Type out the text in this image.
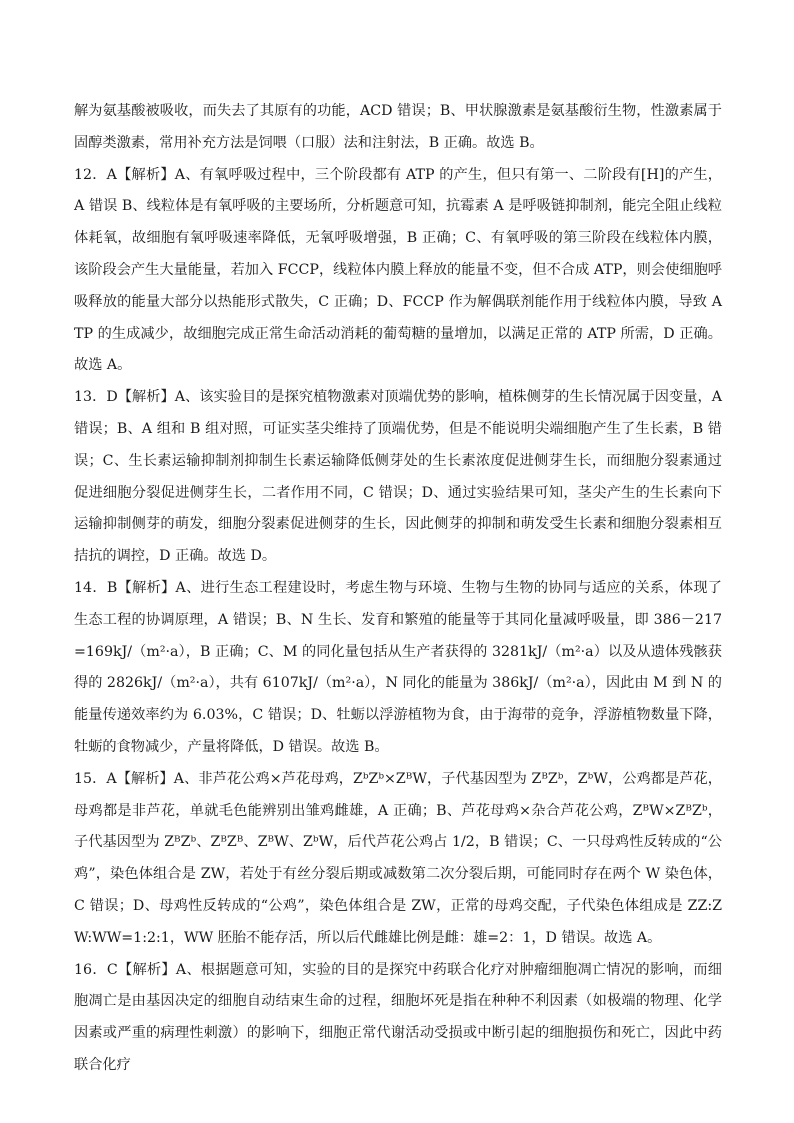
解为氨基酸被吸收，而失去了其原有的功能，ACD 错误；B、甲状腺激素是氨基酸衍生物，性激素属于固醇类激素，常用补充方法是饲喂（口服）法和注射法，B 正确。故选 B。

12．A【解析】A、有氧呼吸过程中，三个阶段都有 ATP 的产生，但只有第一、二阶段有[H]的产生，A 错误 B、线粒体是有氧呼吸的主要场所，分析题意可知，抗霉素 A 是呼吸链抑制剂，能完全阻止线粒体耗氧，故细胞有氧呼吸速率降低，无氧呼吸增强，B 正确；C、有氧呼吸的第三阶段在线粒体内膜，该阶段会产生大量能量，若加入 FCCP，线粒体内膜上释放的能量不变，但不合成 ATP，则会使细胞呼吸释放的能量大部分以热能形式散失，C 正确；D、FCCP 作为解偶联剂能作用于线粒体内膜，导致 ATP 的生成减少，故细胞完成正常生命活动消耗的葡萄糖的量增加，以满足正常的 ATP 所需，D 正确。故选 A。

13．D【解析】A、该实验目的是探究植物激素对顶端优势的影响，植株侧芽的生长情况属于因变量，A 错误；B、A 组和 B 组对照，可证实茎尖维持了顶端优势，但是不能说明尖端细胞产生了生长素，B 错误；C、生长素运输抑制剂抑制生长素运输降低侧芽处的生长素浓度促进侧芽生长，而细胞分裂素通过促进细胞分裂促进侧芽生长，二者作用不同，C 错误；D、通过实验结果可知，茎尖产生的生长素向下运输抑制侧芽的萌发，细胞分裂素促进侧芽的生长，因此侧芽的抑制和萌发受生长素和细胞分裂素相互拮抗的调控，D 正确。故选 D。

14．B【解析】A、进行生态工程建设时，考虑生物与环境、生物与生物的协同与适应的关系，体现了生态工程的协调原理，A 错误；B、N 生长、发育和繁殖的能量等于其同化量减呼吸量，即 386－217=169kJ/（m²·a），B 正确；C、M 的同化量包括从生产者获得的 3281kJ/（m²·a）以及从遗体残骸获得的 2826kJ/（m²·a），共有 6107kJ/（m²·a），N 同化的能量为 386kJ/（m²·a），因此由 M 到 N 的能量传递效率约为 6.03%，C 错误；D、牡蛎以浮游植物为食，由于海带的竞争，浮游植物数量下降，牡蛎的食物减少，产量将降低，D 错误。故选 B。

15．A【解析】A、非芦花公鸡×芦花母鸡，ZᵇZᵇ×ZᴮW，子代基因型为 ZᴮZᵇ，ZᵇW，公鸡都是芦花，母鸡都是非芦花，单就毛色能辨别出雏鸡雌雄，A 正确；B、芦花母鸡×杂合芦花公鸡，ZᴮW×ZᴮZᵇ，子代基因型为 ZᴮZᵇ、ZᴮZᴮ、ZᴮW、ZᵇW，后代芦花公鸡占 1/2，B 错误；C、一只母鸡性反转成的“公鸡”，染色体组合是 ZW，若处于有丝分裂后期或减数第二次分裂后期，可能同时存在两个 W 染色体，C 错误；D、母鸡性反转成的“公鸡”，染色体组合是 ZW，正常的母鸡交配，子代染色体组成是 ZZ:ZW:WW=1:2:1，WW 胚胎不能存活，所以后代雌雄比例是雌：雄=2：1，D 错误。故选 A。

16．C【解析】A、根据题意可知，实验的目的是探究中药联合化疗对肿瘤细胞凋亡情况的影响，而细胞凋亡是由基因决定的细胞自动结束生命的过程，细胞坏死是指在种种不利因素（如极端的物理、化学因素或严重的病理性刺激）的影响下，细胞正常代谢活动受损或中断引起的细胞损伤和死亡，因此中药联合化疗
